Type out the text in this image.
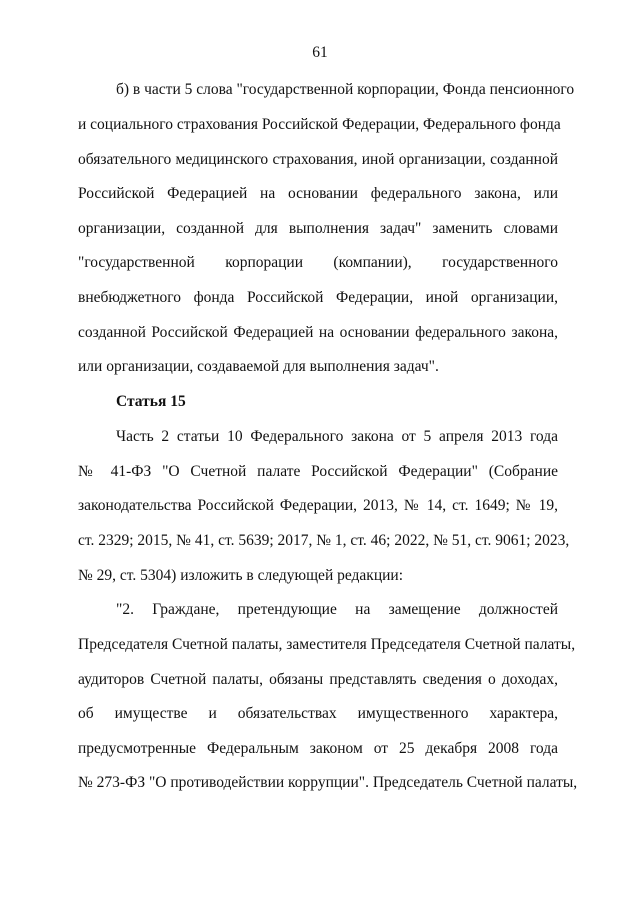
61
б) в части 5 слова "государственной корпорации, Фонда пенсионного
и социального страхования Российской Федерации, Федерального фонда
обязательного медицинского страхования, иной организации, созданной
Российской Федерацией на основании федерального закона, или
организации, созданной для выполнения задач" заменить словами
"государственной корпорации (компании), государственного
внебюджетного фонда Российской Федерации, иной организации,
созданной Российской Федерацией на основании федерального закона,
или организации, создаваемой для выполнения задач".
Статья 15
Часть 2 статьи 10 Федерального закона от 5 апреля 2013 года
№ 41-ФЗ "О Счетной палате Российской Федерации" (Собрание
законодательства Российской Федерации, 2013, № 14, ст. 1649; № 19,
ст. 2329; 2015, № 41, ст. 5639; 2017, № 1, ст. 46; 2022, № 51, ст. 9061; 2023,
№ 29, ст. 5304) изложить в следующей редакции:
"2. Граждане, претендующие на замещение должностей
Председателя Счетной палаты, заместителя Председателя Счетной палаты,
аудиторов Счетной палаты, обязаны представлять сведения о доходах,
об имуществе и обязательствах имущественного характера,
предусмотренные Федеральным законом от 25 декабря 2008 года
№ 273-ФЗ "О противодействии коррупции". Председатель Счетной палаты,
